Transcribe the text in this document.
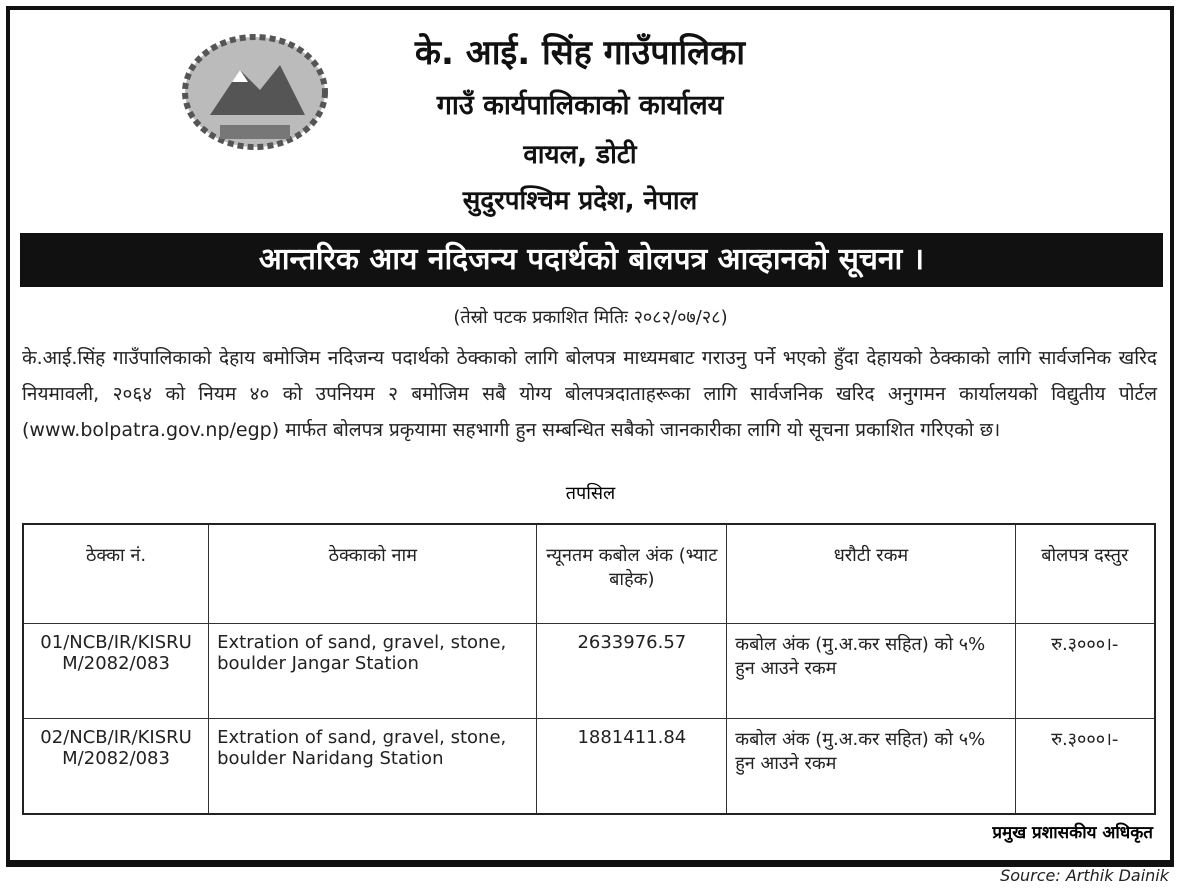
के. आई. सिंह गाउँपालिका
गाउँ कार्यपालिकाको कार्यालय
वायल, डोटी
सुदुरपश्चिम प्रदेश, नेपाल
आन्तरिक आय नदिजन्य पदार्थको बोलपत्र आव्हानको सूचना ।
(तेस्रो पटक प्रकाशित मितिः २०८२/०७/२८)
के.आई.सिंह गाउँपालिकाको देहाय बमोजिम नदिजन्य पदार्थको ठेक्काको लागि बोलपत्र माध्यमबाट गराउनु पर्ने भएको हुँदा देहायको ठेक्काको लागि सार्वजनिक खरिद नियमावली, २०६४ को नियम ४० को उपनियम २ बमोजिम सबै योग्य बोलपत्रदाताहरूका लागि सार्वजनिक खरिद अनुगमन कार्यालयको विद्युतीय पोर्टल (www.bolpatra.gov.np/egp) मार्फत बोलपत्र प्रकृयामा सहभागी हुन सम्बन्धित सबैको जानकारीका लागि यो सूचना प्रकाशित गरिएको छ।
तपसिल
ठेक्का नं.	ठेक्काको नाम	न्यूनतम कबोल अंक (भ्याट बाहेक)	धरौटी रकम	बोलपत्र दस्तुर
01/NCB/IR/KISRUM/2082/083	Extration of sand, gravel, stone, boulder Jangar Station	2633976.57	कबोल अंक (मु.अ.कर सहित) को ५% हुन आउने रकम	रु.३०००।-
02/NCB/IR/KISRUM/2082/083	Extration of sand, gravel, stone, boulder Naridang Station	1881411.84	कबोल अंक (मु.अ.कर सहित) को ५% हुन आउने रकम	रु.३०००।-
प्रमुख प्रशासकीय अधिकृत
Source: Arthik Dainik
